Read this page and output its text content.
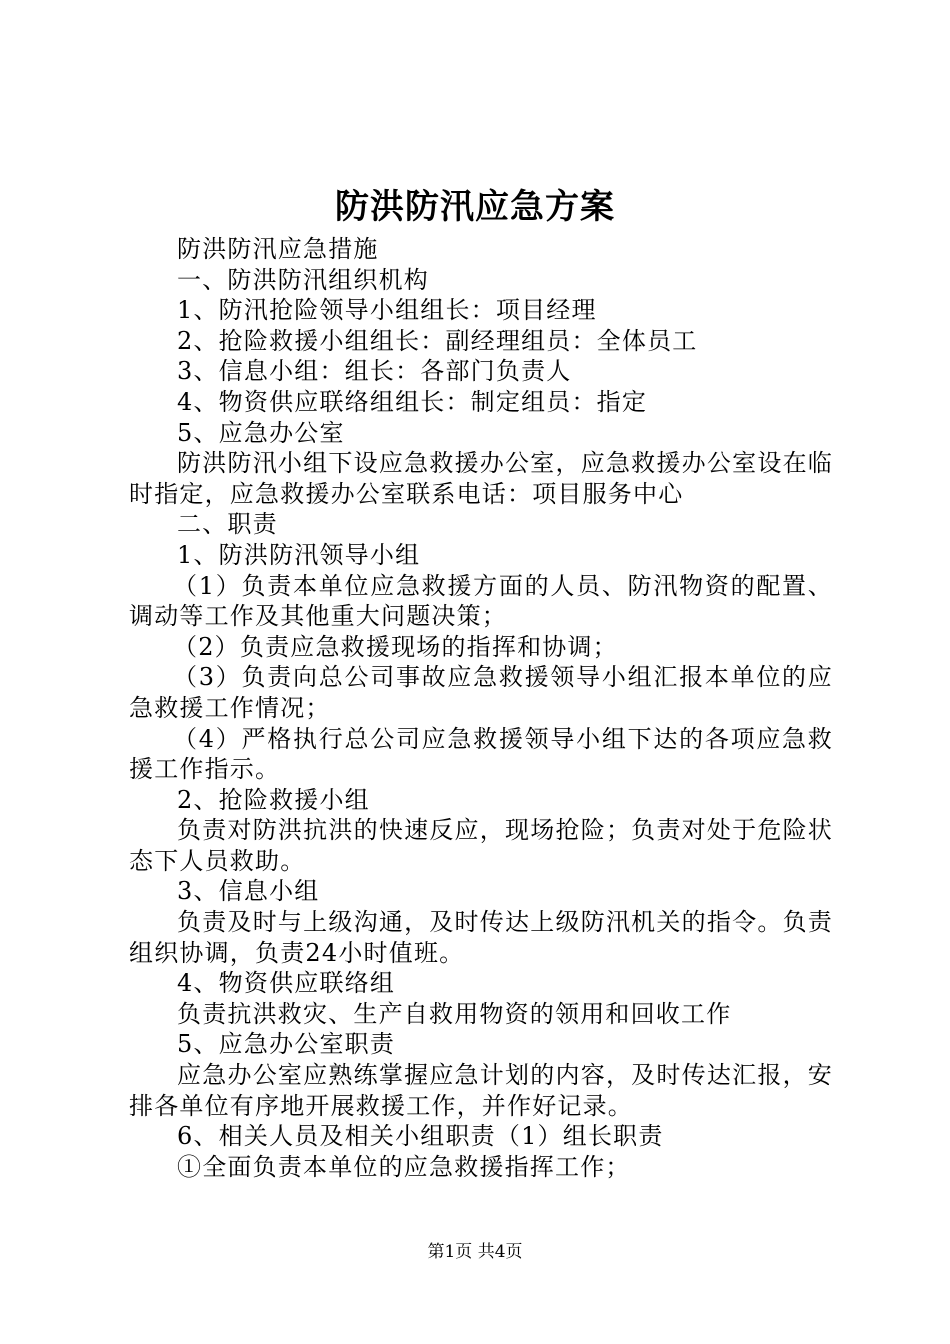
防洪防汛应急方案

防洪防汛应急措施

一、防洪防汛组织机构

1、防汛抢险领导小组组长：项目经理

2、抢险救援小组组长：副经理组员：全体员工

3、信息小组：组长：各部门负责人

4、物资供应联络组组长：制定组员：指定

5、应急办公室

防洪防汛小组下设应急救援办公室，应急救援办公室设在临时指定，应急救援办公室联系电话：项目服务中心

二、职责

1、防洪防汛领导小组

（1）负责本单位应急救援方面的人员、防汛物资的配置、调动等工作及其他重大问题决策；

（2）负责应急救援现场的指挥和协调；

（3）负责向总公司事故应急救援领导小组汇报本单位的应急救援工作情况；

（4）严格执行总公司应急救援领导小组下达的各项应急救援工作指示。

2、抢险救援小组

负责对防洪抗洪的快速反应，现场抢险；负责对处于危险状态下人员救助。

3、信息小组

负责及时与上级沟通，及时传达上级防汛机关的指令。负责组织协调，负责24小时值班。

4、物资供应联络组

负责抗洪救灾、生产自救用物资的领用和回收工作

5、应急办公室职责

应急办公室应熟练掌握应急计划的内容，及时传达汇报，安排各单位有序地开展救援工作，并作好记录。

6、相关人员及相关小组职责（1）组长职责

①全面负责本单位的应急救援指挥工作；

第1页 共4页
